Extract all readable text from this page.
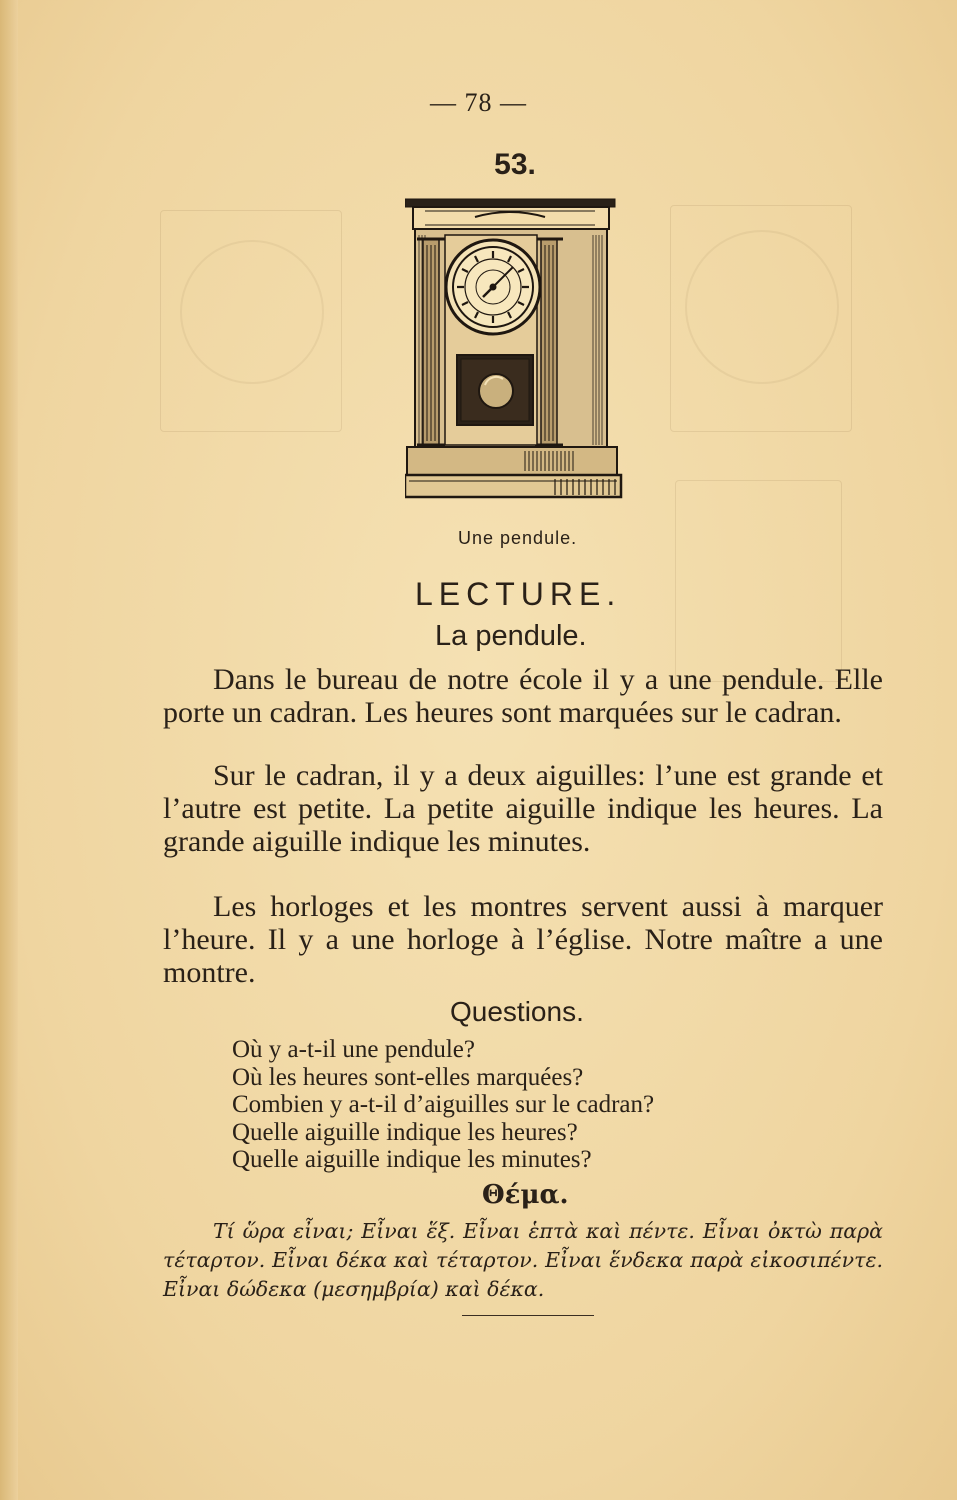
— 78 —
53.
Une pendule.
LECTURE.
La pendule.

Dans le bureau de notre école il y a une pendule. Elle porte un cadran. Les heures sont marquées sur le cadran.

Sur le cadran, il y a deux aiguilles: l’une est grande et l’autre est petite. La petite aiguille indique les heures. La grande aiguille indique les minutes.

Les horloges et les montres servent aussi à marquer l’heure. Il y a une horloge à l’église. Notre maître a une montre.

Questions.
Où y a-t-il une pendule?
Où les heures sont-elles marquées?
Combien y a-t-il d’aiguilles sur le cadran?
Quelle aiguille indique les heures?
Quelle aiguille indique les minutes?
Θέμα.

Τί ὥρα εἶναι; Εἶναι ἕξ. Εἶναι ἑπτὰ καὶ πέντε. Εἶναι ὀκτὼ παρὰ τέταρτον. Εἶναι δέκα καὶ τέταρτον. Εἶναι ἕνδεκα παρὰ εἰκοσιπέντε. Εἶναι δώδεκα (μεσημβρία) καὶ δέκα.
